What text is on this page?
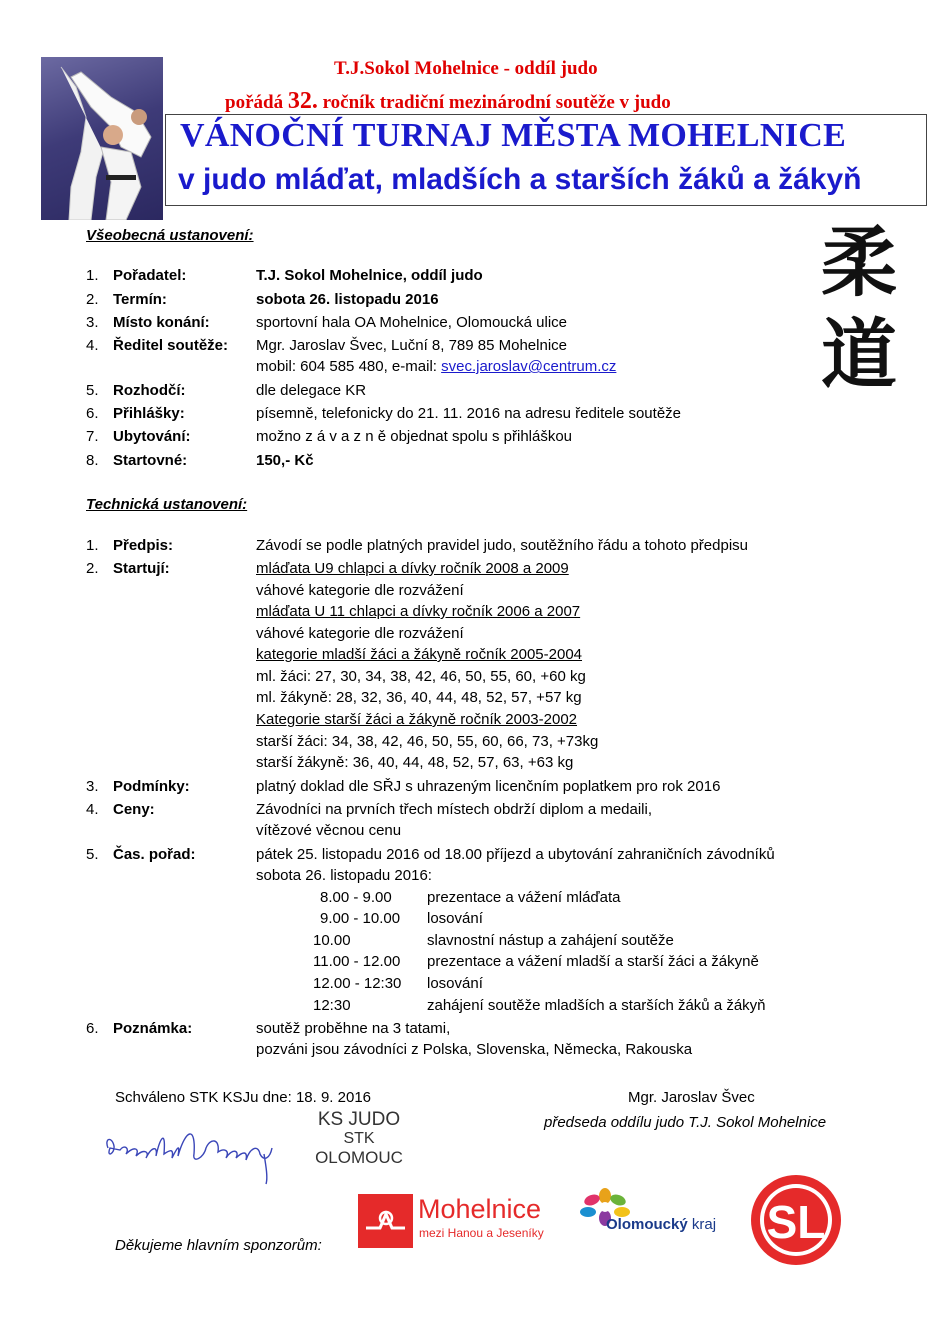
T.J.Sokol Mohelnice - oddíl judo
pořádá 32. ročník tradiční mezinárodní soutěže v judo
VÁNOČNÍ TURNAJ MĚSTA MOHELNICE
v judo mláďat, mladších a starších žáků a žákyň
柔
道
Všeobecná ustanovení:
1. Pořadatel:	T.J. Sokol Mohelnice, oddíl judo
2. Termín:	sobota 26. listopadu 2016
3. Místo konání:	sportovní hala OA Mohelnice, Olomoucká ulice
4. Ředitel soutěže: Mgr. Jaroslav Švec, Luční 8, 789 85 Mohelnice
mobil: 604 585 480, e-mail: svec.jaroslav@centrum.cz
5. Rozhodčí:	dle delegace KR
6. Přihlášky:	písemně, telefonicky do 21. 11. 2016 na adresu ředitele soutěže
7. Ubytování:	možno z á v a z n ě objednat spolu s přihláškou
8. Startovné:	150,- Kč
Technická ustanovení:
1. Předpis:	Závodí se podle platných pravidel judo, soutěžního řádu a tohoto předpisu
2. Startují:	mláďata U9 chlapci a dívky ročník 2008 a 2009
váhové kategorie dle rozvážení
mláďata U 11 chlapci a dívky ročník 2006 a 2007
váhové kategorie dle rozvážení
kategorie mladší žáci a žákyně ročník 2005-2004
ml. žáci: 27, 30, 34, 38, 42, 46, 50, 55, 60, +60 kg
ml. žákyně: 28, 32, 36, 40, 44, 48, 52, 57, +57 kg
Kategorie starší žáci a žákyně ročník 2003-2002
starší žáci: 34, 38, 42, 46, 50, 55, 60, 66, 73, +73kg
starší žákyně: 36, 40, 44, 48, 52, 57, 63, +63 kg
3. Podmínky:	platný doklad dle SŘJ s uhrazeným licenčním poplatkem pro rok 2016
4. Ceny:	Závodníci na prvních třech místech obdrží diplom a medaili,
vítězové věcnou cenu
5. Čas. pořad:	pátek 25. listopadu 2016 od 18.00 příjezd a ubytování zahraničních závodníků
sobota 26. listopadu 2016:
8.00 - 9.00 prezentace a vážení mláďata
9.00 - 10.00 losování
10.00	slavnostní nástup a zahájení soutěže
11.00 - 12.00 prezentace a vážení mladší a starší žáci a žákyně
12.00 - 12:30 losování
12:30	zahájení soutěže mladších a starších žáků a žákyň
6. Poznámka:	soutěž proběhne na 3 tatami,
pozváni jsou závodníci z Polska, Slovenska, Německa, Rakouska
Schváleno STK KSJu dne: 18. 9. 2016	Mgr. Jaroslav Švec
předseda oddílu judo T.J. Sokol Mohelnice
KS JUDO
STK
OLOMOUC
Děkujeme hlavním sponzorům:
Mohelnice
mezi Hanou a Jeseníky	Olomoucký kraj SL
